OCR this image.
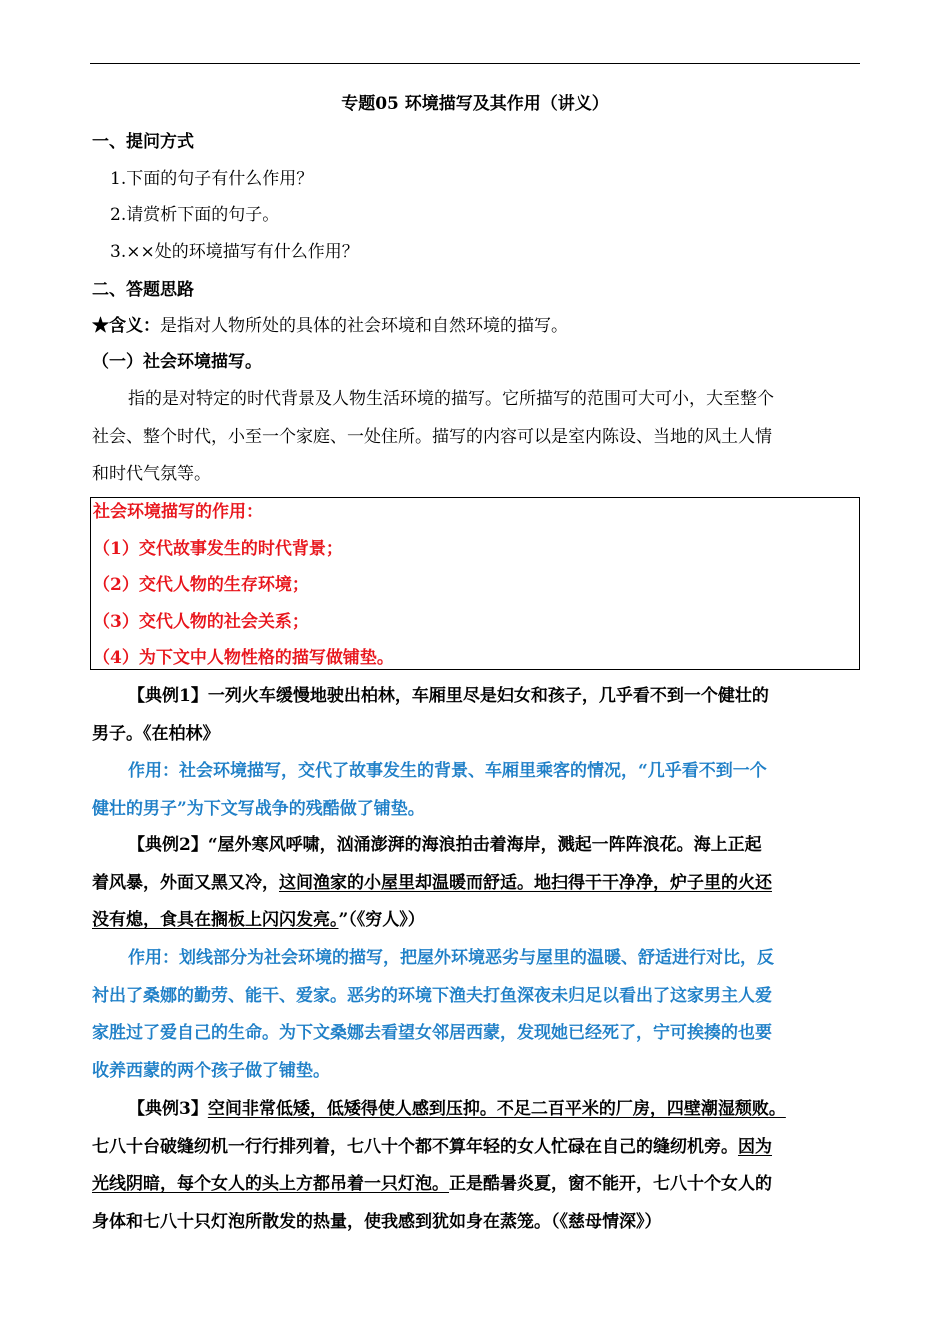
专题05 环境描写及其作用（讲义）
一、提问方式
1.下面的句子有什么作用？
2.请赏析下面的句子。
3.××处的环境描写有什么作用？
二、答题思路
★含义：是指对人物所处的具体的社会环境和自然环境的描写。
（一）社会环境描写。
指的是对特定的时代背景及人物生活环境的描写。它所描写的范围可大可小，大至整个
社会、整个时代，小至一个家庭、一处住所。描写的内容可以是室内陈设、当地的风土人情
和时代气氛等。
社会环境描写的作用：
（1）交代故事发生的时代背景；
（2）交代人物的生存环境；
（3）交代人物的社会关系；
（4）为下文中人物性格的描写做铺垫。
【典例1】一列火车缓慢地驶出柏林，车厢里尽是妇女和孩子，几乎看不到一个健壮的
男子。《在柏林》
作用：社会环境描写，交代了故事发生的背景、车厢里乘客的情况，“几乎看不到一个
健壮的男子”为下文写战争的残酷做了铺垫。
【典例2】“屋外寒风呼啸，汹涌澎湃的海浪拍击着海岸，溅起一阵阵浪花。海上正起
着风暴，外面又黑又冷，这间渔家的小屋里却温暖而舒适。地扫得干干净净，炉子里的火还
没有熄，食具在搁板上闪闪发亮。”（《穷人》）
作用：划线部分为社会环境的描写，把屋外环境恶劣与屋里的温暖、舒适进行对比，反
衬出了桑娜的勤劳、能干、爱家。恶劣的环境下渔夫打鱼深夜未归足以看出了这家男主人爱
家胜过了爱自己的生命。为下文桑娜去看望女邻居西蒙，发现她已经死了，宁可挨揍的也要
收养西蒙的两个孩子做了铺垫。
【典例3】空间非常低矮，低矮得使人感到压抑。不足二百平米的厂房，四壁潮湿颓败。
七八十台破缝纫机一行行排列着，七八十个都不算年轻的女人忙碌在自己的缝纫机旁。因为
光线阴暗，每个女人的头上方都吊着一只灯泡。正是酷暑炎夏，窗不能开，七八十个女人的
身体和七八十只灯泡所散发的热量，使我感到犹如身在蒸笼。（《慈母情深》）
